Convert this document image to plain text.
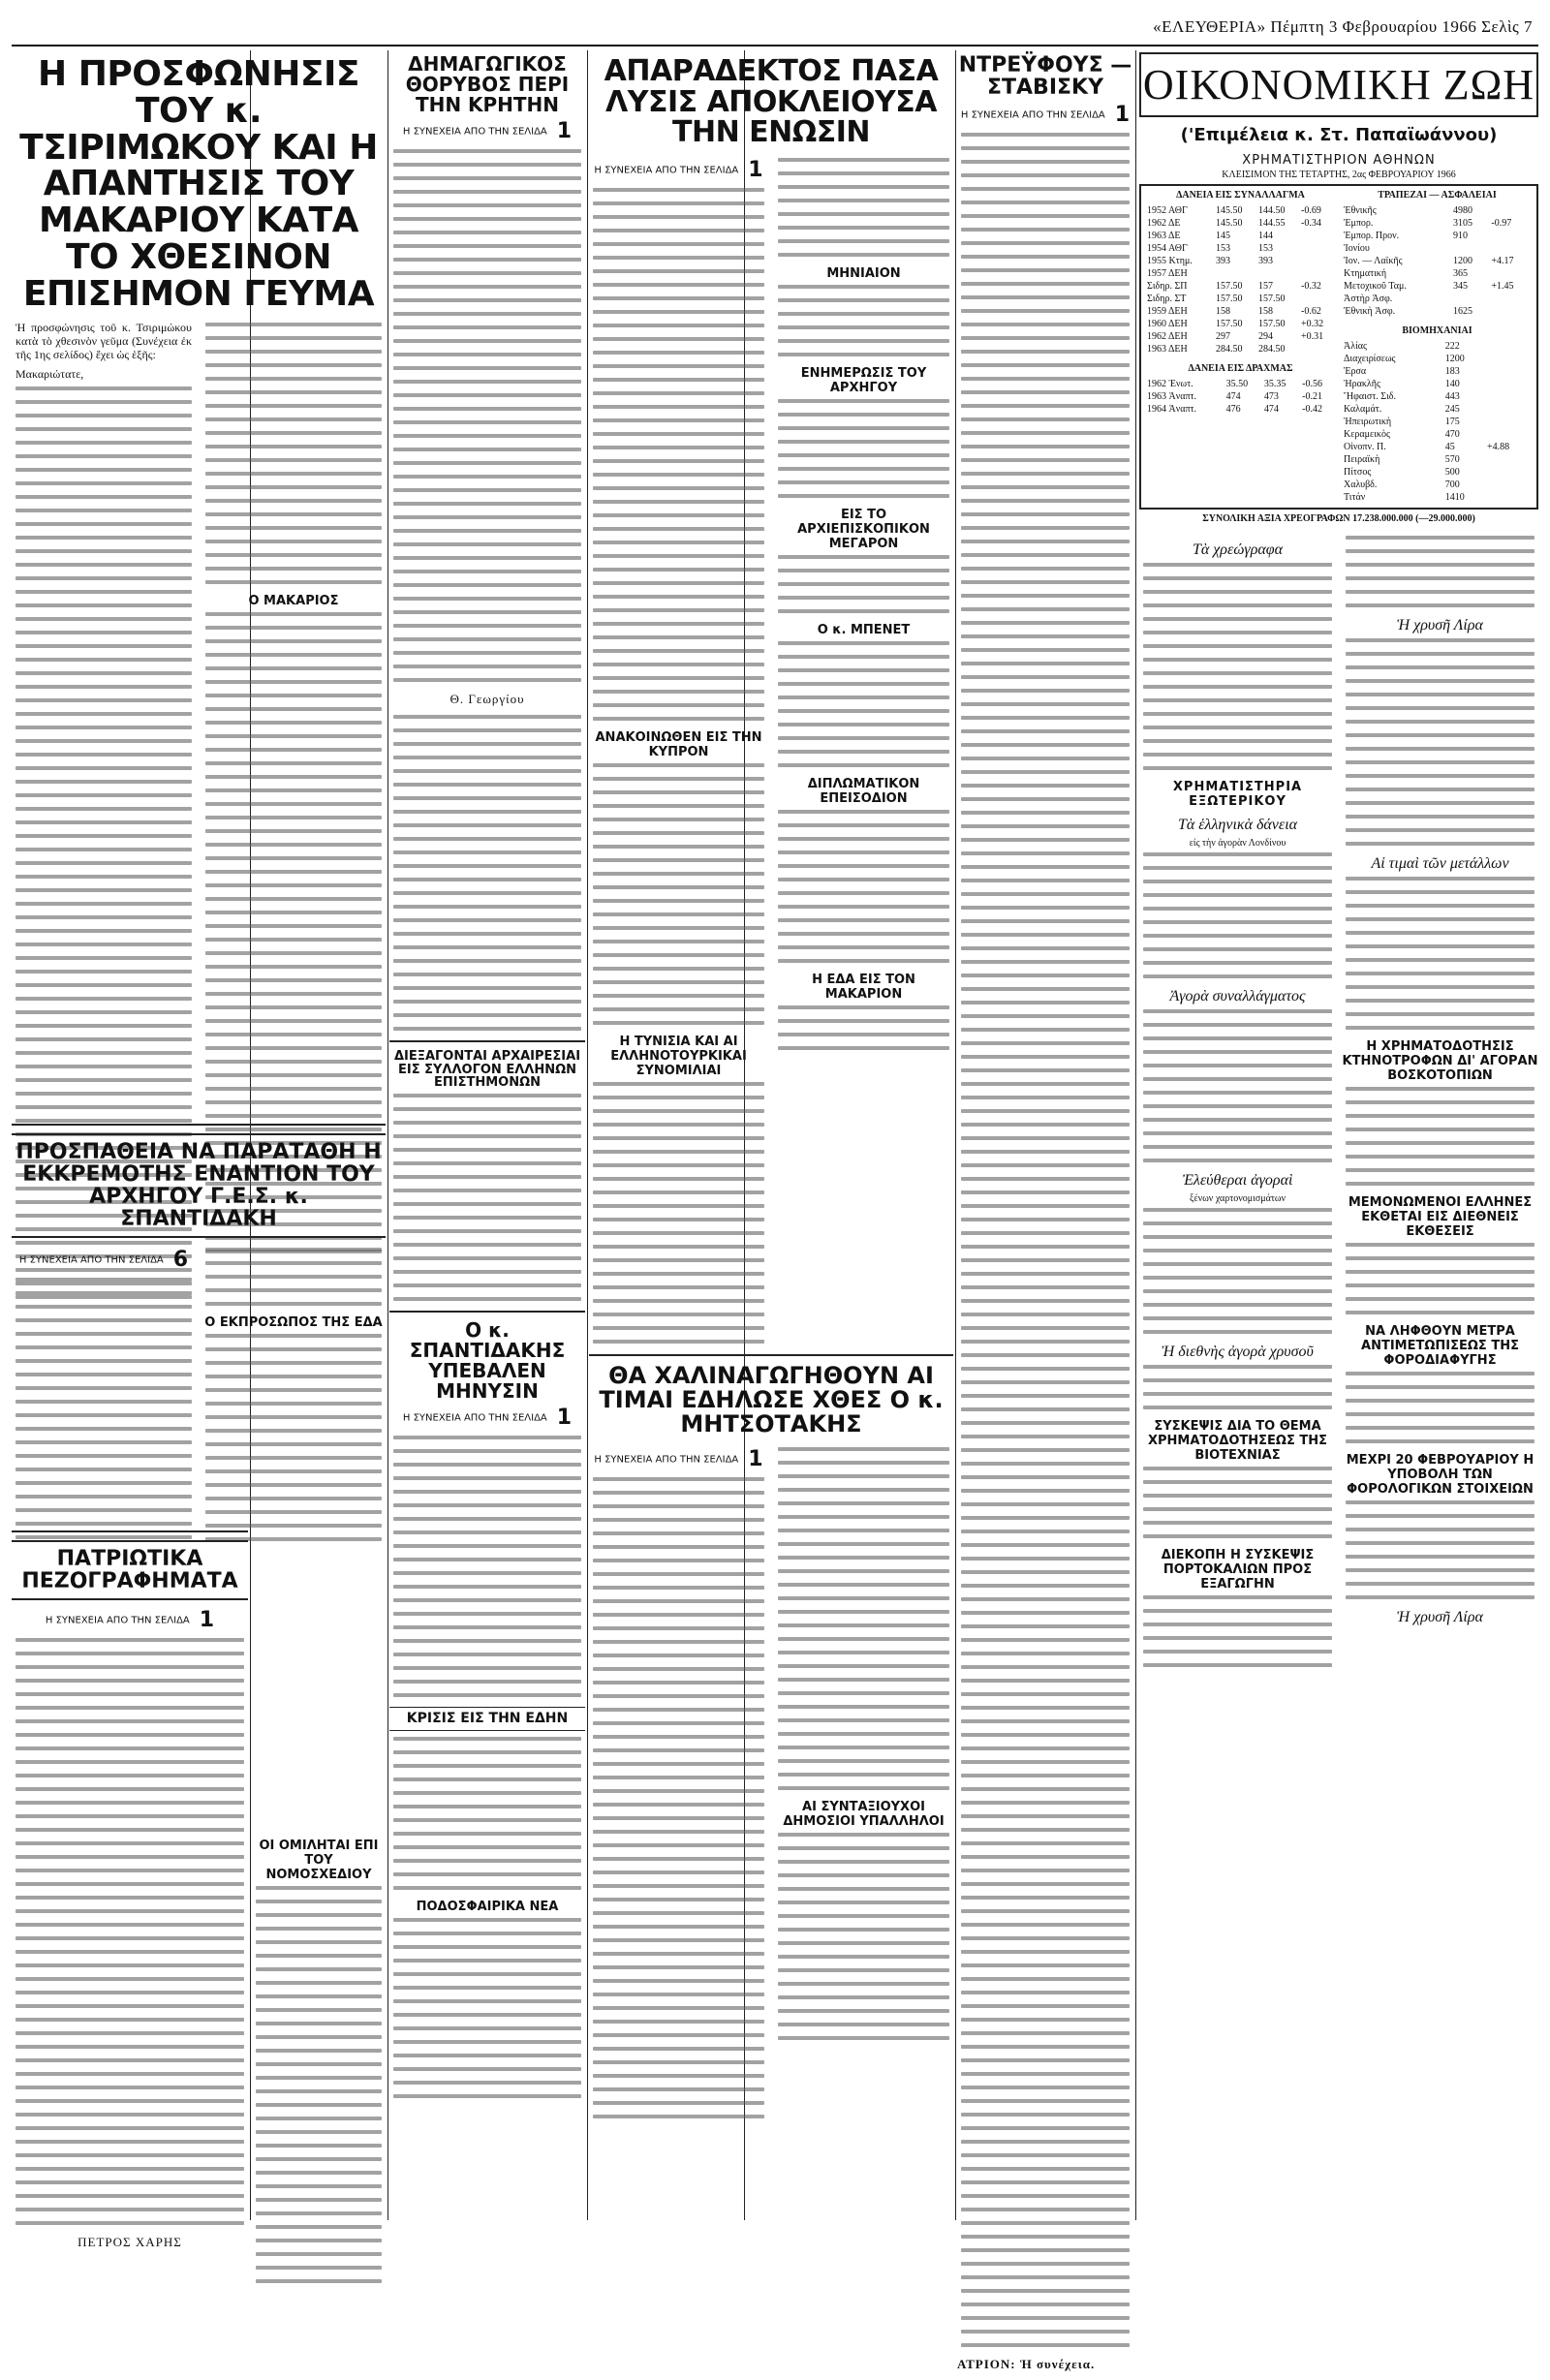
«ΕΛΕΥΘΕΡΙΑ» Πέμπτη 3 Φεβρουαρίου 1966 Σελὶς 7
Η ΠΡΟΣΦΩΝΗΣΙΣ ΤΟΥ κ. ΤΣΙΡΙΜΩΚΟΥ ΚΑΙ Η ΑΠΑΝΤΗΣΙΣ ΤΟΥ ΜΑΚΑΡΙΟΥ ΚΑΤΑ ΤΟ ΧΘΕΣΙΝΟΝ ΕΠΙΣΗΜΟΝ ΓΕΥΜΑ
Ἡ προσφώνησις τοῦ κ. Τσιριμώκου κατὰ τὸ χθεσινὸν γεῦμα (Συνέχεια ἐκ τῆς 1ης σελίδος) ἔχει ὡς ἑξῆς:
Μακαριώτατε,
Ο ΜΑΚΑΡΙΟΣ
ΠΡΟΣΠΑΘΕΙΑ ΝΑ ΠΑΡΑΤΑΘΗ Η ΕΚΚΡΕΜΟΤΗΣ ΕΝΑΝΤΙΟΝ ΤΟΥ ΑΡΧΗΓΟΥ Γ.Ε.Σ. κ. ΣΠΑΝΤΙΔΑΚΗ
Η ΣΥΝΕΧΕΙΑ ΑΠΟ ΤΗΝ ΣΕΛΙΔΑ 6
Ο ΕΚΠΡΟΣΩΠΟΣ ΤΗΣ ΕΔΑ
ΠΑΤΡΙΩΤΙΚΑ ΠΕΖΟΓΡΑΦΗΜΑΤΑ
Η ΣΥΝΕΧΕΙΑ ΑΠΟ ΤΗΝ ΣΕΛΙΔΑ 1
ΠΕΤΡΟΣ ΧΑΡΗΣ
ΟΙ ΟΜΙΛΗΤΑΙ ΕΠΙ ΤΟΥ ΝΟΜΟΣΧΕΔΙΟΥ
ΔΗΜΑΓΩΓΙΚΟΣ ΘΟΡΥΒΟΣ ΠΕΡΙ ΤΗΝ ΚΡΗΤΗΝ
Η ΣΥΝΕΧΕΙΑ ΑΠΟ ΤΗΝ ΣΕΛΙΔΑ 1
Θ. Γεωργίου
ΔΙΕΞΑΓΟΝΤΑΙ ΑΡΧΑΙΡΕΣΙΑΙ ΕΙΣ ΣΥΛΛΟΓΟΝ ΕΛΛΗΝΩΝ ΕΠΙΣΤΗΜΟΝΩΝ
Ο κ. ΣΠΑΝΤΙΔΑΚΗΣ ΥΠΕΒΑΛΕΝ ΜΗΝΥΣΙΝ
Η ΣΥΝΕΧΕΙΑ ΑΠΟ ΤΗΝ ΣΕΛΙΔΑ 1
ΚΡΙΣΙΣ ΕΙΣ ΤΗΝ ΕΔΗΝ
ΠΟΔΟΣΦΑΙΡΙΚΑ ΝΕΑ
ΑΠΑΡΑΔΕΚΤΟΣ ΠΑΣΑ ΛΥΣΙΣ ΑΠΟΚΛΕΙΟΥΣΑ ΤΗΝ ΕΝΩΣΙΝ
Η ΣΥΝΕΧΕΙΑ ΑΠΟ ΤΗΝ ΣΕΛΙΔΑ 1
ΑΝΑΚΟΙΝΩΘΕΝ ΕΙΣ ΤΗΝ ΚΥΠΡΟΝ
Η ΤΥΝΙΣΙΑ ΚΑΙ ΑΙ ΕΛΛΗΝΟΤΟΥΡΚΙΚΑΙ ΣΥΝΟΜΙΛΙΑΙ
ΜΗΝΙΑΙΟΝ
ΕΝΗΜΕΡΩΣΙΣ ΤΟΥ ΑΡΧΗΓΟΥ
ΕΙΣ ΤΟ ΑΡΧΙΕΠΙΣΚΟΠΙΚΟΝ ΜΕΓΑΡΟΝ
Ο κ. ΜΠΕΝΕΤ
ΔΙΠΛΩΜΑΤΙΚΟΝ ΕΠΕΙΣΟΔΙΟΝ
Η ΕΔΑ ΕΙΣ ΤΟΝ ΜΑΚΑΡΙΟΝ
ΘΑ ΧΑΛΙΝΑΓΩΓΗΘΟΥΝ ΑΙ ΤΙΜΑΙ ΕΔΗΛΩΣΕ ΧΘΕΣ Ο κ. ΜΗΤΣΟΤΑΚΗΣ
Η ΣΥΝΕΧΕΙΑ ΑΠΟ ΤΗΝ ΣΕΛΙΔΑ 1
ΑΙ ΣΥΝΤΑΞΙΟΥΧΟΙ ΔΗΜΟΣΙΟΙ ΥΠΑΛΛΗΛΟΙ
ΝΤΡΕΫΦΟΥΣ — ΣΤΑΒΙΣΚΥ
Η ΣΥΝΕΧΕΙΑ ΑΠΟ ΤΗΝ ΣΕΛΙΔΑ 1
ΑΤΡΙΟΝ: Ἡ συνέχεια.
ΟΙΚΟΝΟΜΙΚΗ ΖΩΗ
('Επιμέλεια κ. Στ. Παπαϊωάννου)
ΧΡΗΜΑΤΙΣΤΗΡΙΟΝ ΑΘΗΝΩΝ
ΚΛΕΙΣΙΜΟΝ ΤΗΣ ΤΕΤΑΡΤΗΣ, 2ας ΦΕΒΡΟΥΑΡΙΟΥ 1966
ΔΑΝΕΙΑ ΕΙΣ ΣΥΝΑΛΛΑΓΜΑ
1952 ΑΘΓ	145.50	144.50	-0.69
1962 ΔΕ	145.50	144.55	-0.34
1963 ΔΕ	145	144	
1954 ΑΘΓ	153	153	
1955 Κτημ.	393	393	
1957 ΔΕΗ			
Σιδηρ. ΣΠ	157.50	157	-0.32
Σιδηρ. ΣΤ	157.50	157.50	
1959 ΔΕΗ	158	158	-0.62
1960 ΔΕΗ	157.50	157.50	+0.32
1962 ΔΕΗ	297	294	+0.31
1963 ΔΕΗ	284.50	284.50	
ΔΑΝΕΙΑ ΕΙΣ ΔΡΑΧΜΑΣ
1962 Ἑνωτ.	35.50	35.35	-0.56
1963 Ἀναπτ.	474	473	-0.21
1964 Ἀναπτ.	476	474	-0.42
ΤΡΑΠΕΖΑΙ — ΑΣΦΑΛΕΙΑΙ
Ἐθνικῆς	4980	
Ἐμπορ.	3105	-0.97
Ἐμπορ. Προν.	910	
Ἰονίου		
Ἰον. — Λαϊκῆς	1200	+4.17
Κτηματική	365	
Μετοχικοῦ Ταμ.	345	+1.45
Ἀστὴρ Ἀσφ.		
Ἐθνικὴ Ἀσφ.	1625	
ΒΙΟΜΗΧΑΝΙΑΙ
Ἀλίας	222	
Διαχειρίσεως	1200	
Ἑρσα	183	
Ἡρακλῆς	140	
Ἥφαιστ. Σιδ.	443	
Καλαμάτ.	245	
Ἡπειρωτικὴ	175	
Κεραμεικὸς	470	
Οἰνοπν. Π.	45	+4.88
Πειραϊκὴ	570	
Πίτσος	500	
Χαλυβδ.	700	
Τιτάν	1410	
ΣΥΝΟΛΙΚΗ ΑΞΙΑ ΧΡΕΟΓΡΑΦΩΝ 17.238.000.000 (—29.000.000)
Τὰ χρεώγραφα
ΧΡΗΜΑΤΙΣΤΗΡΙΑ ΕΞΩΤΕΡΙΚΟΥ
Τὰ ἑλληνικὰ δάνεια
εἰς τὴν ἀγορὰν Λονδίνου
Ἀγορὰ συναλλάγματος
Ἐλεύθεραι ἀγοραὶ
ξένων χαρτονομισμάτων
Ἡ διεθνὴς ἀγορὰ χρυσοῦ
ΣΥΣΚΕΨΙΣ ΔΙΑ ΤΟ ΘΕΜΑ ΧΡΗΜΑΤΟΔΟΤΗΣΕΩΣ ΤΗΣ ΒΙΟΤΕΧΝΙΑΣ
ΔΙΕΚΟΠΗ Η ΣΥΣΚΕΨΙΣ ΠΟΡΤΟΚΑΛΙΩΝ ΠΡΟΣ ΕΞΑΓΩΓΗΝ
Ἡ χρυσῆ Λίρα
Αἱ τιμαὶ τῶν μετάλλων
Η ΧΡΗΜΑΤΟΔΟΤΗΣΙΣ ΚΤΗΝΟΤΡΟΦΩΝ ΔΙ' ΑΓΟΡΑΝ ΒΟΣΚΟΤΟΠΙΩΝ
ΜΕΜΟΝΩΜΕΝΟΙ ΕΛΛΗΝΕΣ ΕΚΘΕΤΑΙ ΕΙΣ ΔΙΕΘΝΕΙΣ ΕΚΘΕΣΕΙΣ
ΝΑ ΛΗΦΘΟΥΝ ΜΕΤΡΑ ΑΝΤΙΜΕΤΩΠΙΣΕΩΣ ΤΗΣ ΦΟΡΟΔΙΑΦΥΓΗΣ
ΜΕΧΡΙ 20 ΦΕΒΡΟΥΑΡΙΟΥ Η ΥΠΟΒΟΛΗ ΤΩΝ ΦΟΡΟΛΟΓΙΚΩΝ ΣΤΟΙΧΕΙΩΝ
Ἡ χρυσῆ Λίρα
